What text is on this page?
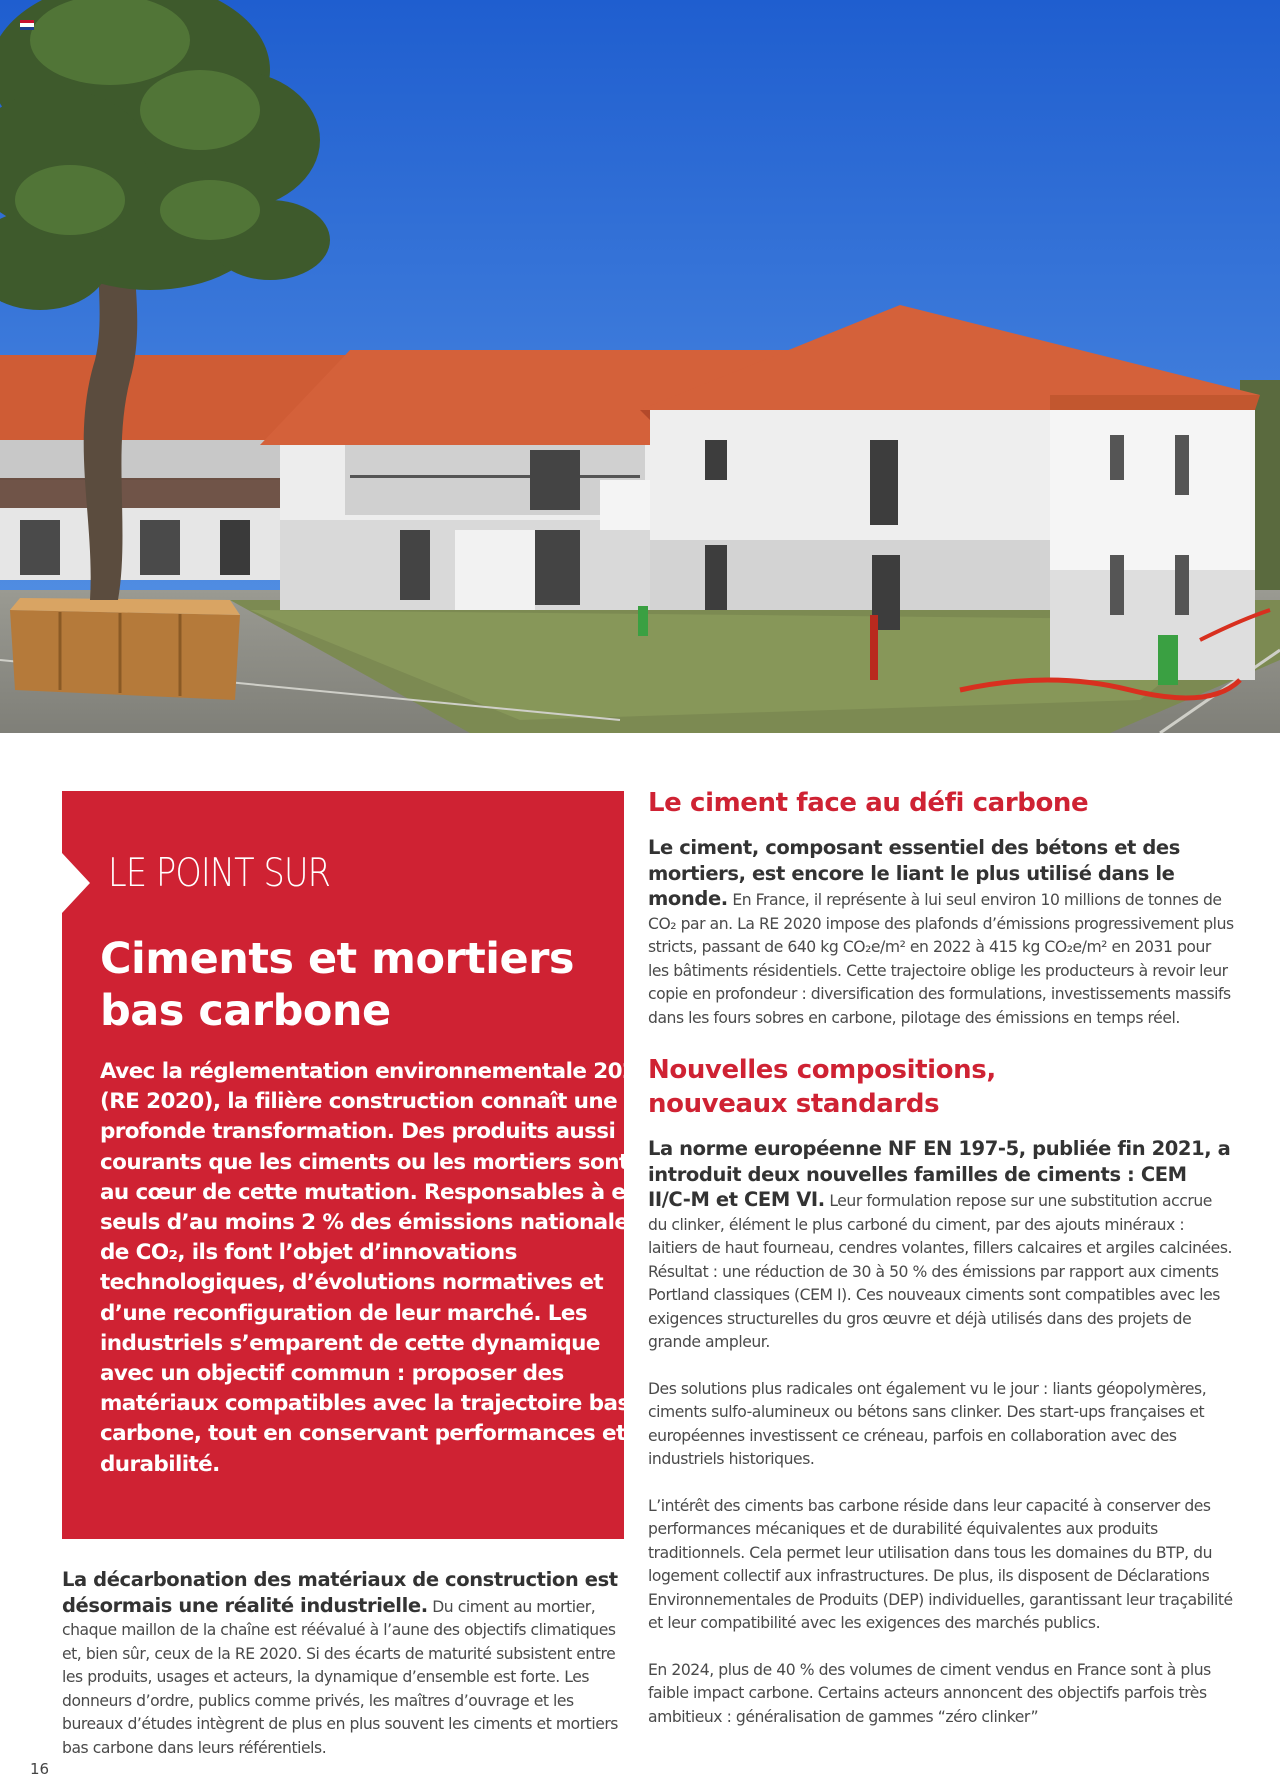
LE POINT SUR
Ciments et mortiers bas carbone
Avec la réglementation environnementale 2020 (RE 2020), la filière construction connaît une profonde transformation. Des produits aussi courants que les ciments ou les mortiers sont au cœur de cette mutation. Responsables à eux seuls d’au moins 2 % des émissions nationales de CO₂, ils font l’objet d’innovations technologiques, d’évolutions normatives et d’une reconfiguration de leur marché. Les industriels s’emparent de cette dynamique avec un objectif commun : proposer des matériaux compatibles avec la trajectoire bas carbone, tout en conservant performances et durabilité.
La décarbonation des matériaux de construction est désormais une réalité industrielle. Du ciment au mortier, chaque maillon de la chaîne est réévalué à l’aune des objectifs climatiques et, bien sûr, ceux de la RE 2020. Si des écarts de maturité subsistent entre les produits, usages et acteurs, la dynamique d’ensemble est forte. Les donneurs d’ordre, publics comme privés, les maîtres d’ouvrage et les bureaux d’études intègrent de plus en plus souvent les ciments et mortiers bas carbone dans leurs référentiels.
Le ciment face au défi carbone

Le ciment, composant essentiel des bétons et des mortiers, est encore le liant le plus utilisé dans le monde. En France, il représente à lui seul environ 10 millions de tonnes de CO₂ par an. La RE 2020 impose des plafonds d’émissions progressivement plus stricts, passant de 640 kg CO₂e/m² en 2022 à 415 kg CO₂e/m² en 2031 pour les bâtiments résidentiels. Cette trajectoire oblige les producteurs à revoir leur copie en profondeur : diversification des formulations, investissements massifs dans les fours sobres en carbone, pilotage des émissions en temps réel.

Nouvelles compositions, nouveaux standards

La norme européenne NF EN 197-5, publiée fin 2021, a introduit deux nouvelles familles de ciments : CEM II/C-M et CEM VI. Leur formulation repose sur une substitution accrue du clinker, élément le plus carboné du ciment, par des ajouts minéraux : laitiers de haut fourneau, cendres volantes, fillers calcaires et argiles calcinées. Résultat : une réduction de 30 à 50 % des émissions par rapport aux ciments Portland classiques (CEM I). Ces nouveaux ciments sont compatibles avec les exigences structurelles du gros œuvre et déjà utilisés dans des projets de grande ampleur.

Des solutions plus radicales ont également vu le jour : liants géopolymères, ciments sulfo-alumineux ou bétons sans clinker. Des start-ups françaises et européennes investissent ce créneau, parfois en collaboration avec des industriels historiques.

L’intérêt des ciments bas carbone réside dans leur capacité à conserver des performances mécaniques et de durabilité équivalentes aux produits traditionnels. Cela permet leur utilisation dans tous les domaines du BTP, du logement collectif aux infrastructures. De plus, ils disposent de Déclarations Environnementales de Produits (DEP) individuelles, garantissant leur traçabilité et leur compatibilité avec les exigences des marchés publics.

En 2024, plus de 40 % des volumes de ciment vendus en France sont à plus faible impact carbone. Certains acteurs annoncent des objectifs parfois très ambitieux : généralisation de gammes “zéro clinker”

16
